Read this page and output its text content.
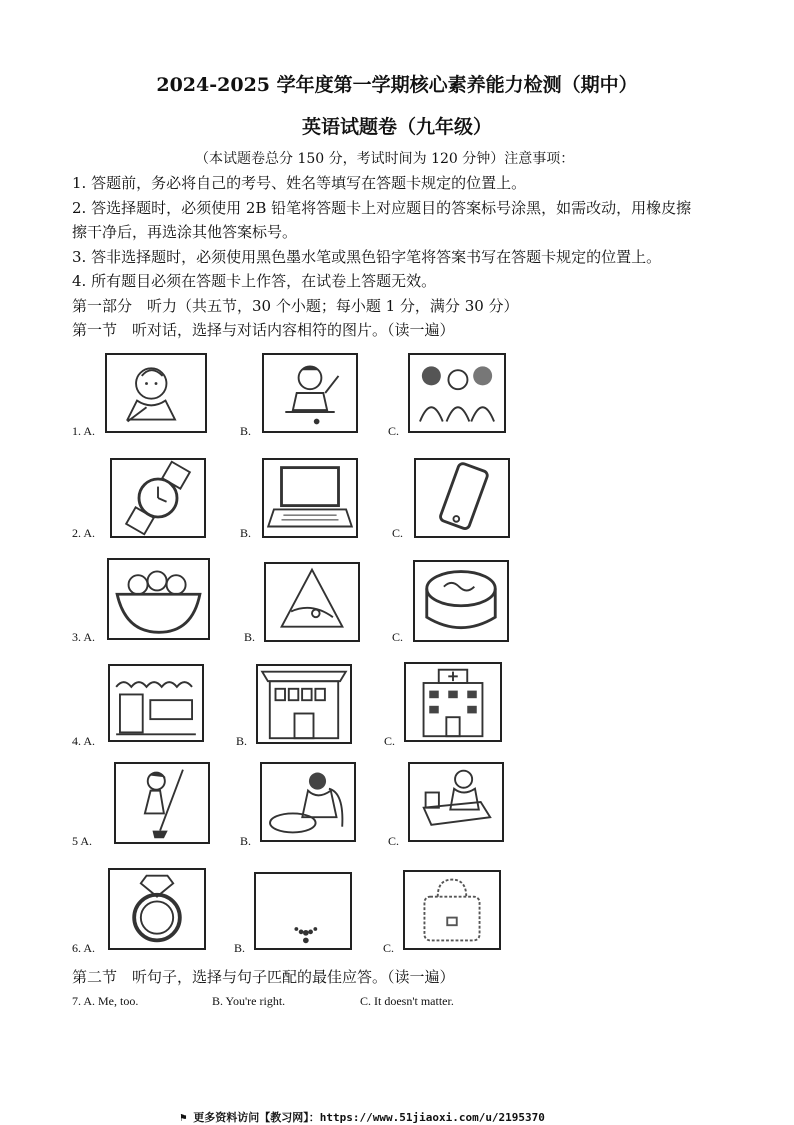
2024-2025 学年度第一学期核心素养能力检测（期中）
英语试题卷（九年级）
（本试题卷总分 150 分，考试时间为 120 分钟）注意事项：
1. 答题前，务必将自己的考号、姓名等填写在答题卡规定的位置上。
2. 答选择题时，必须使用 2B 铅笔将答题卡上对应题目的答案标号涂黑，如需改动，用橡皮擦
擦干净后，再选涂其他答案标号。
3. 答非选择题时，必须使用黑色墨水笔或黑色铅字笔将答案书写在答题卡规定的位置上。
4. 所有题目必须在答题卡上作答，在试卷上答题无效。
第一部分　听力（共五节，30 个小题；每小题 1 分，满分 30 分）
第一节　听对话，选择与对话内容相符的图片。（读一遍）
1. A.	B.	C.
2. A.	B.	C.
3. A.	B.	C.
4. A.	B.	C.
5 A.	B.	C.
6. A.	B.	C.
第二节　听句子，选择与句子匹配的最佳应答。（读一遍）
7. A. Me, too.	B. You're right.	C. It doesn't matter.
⚑ 更多资料访问【教习网】：https://www.51jiaoxi.com/u/2195370
